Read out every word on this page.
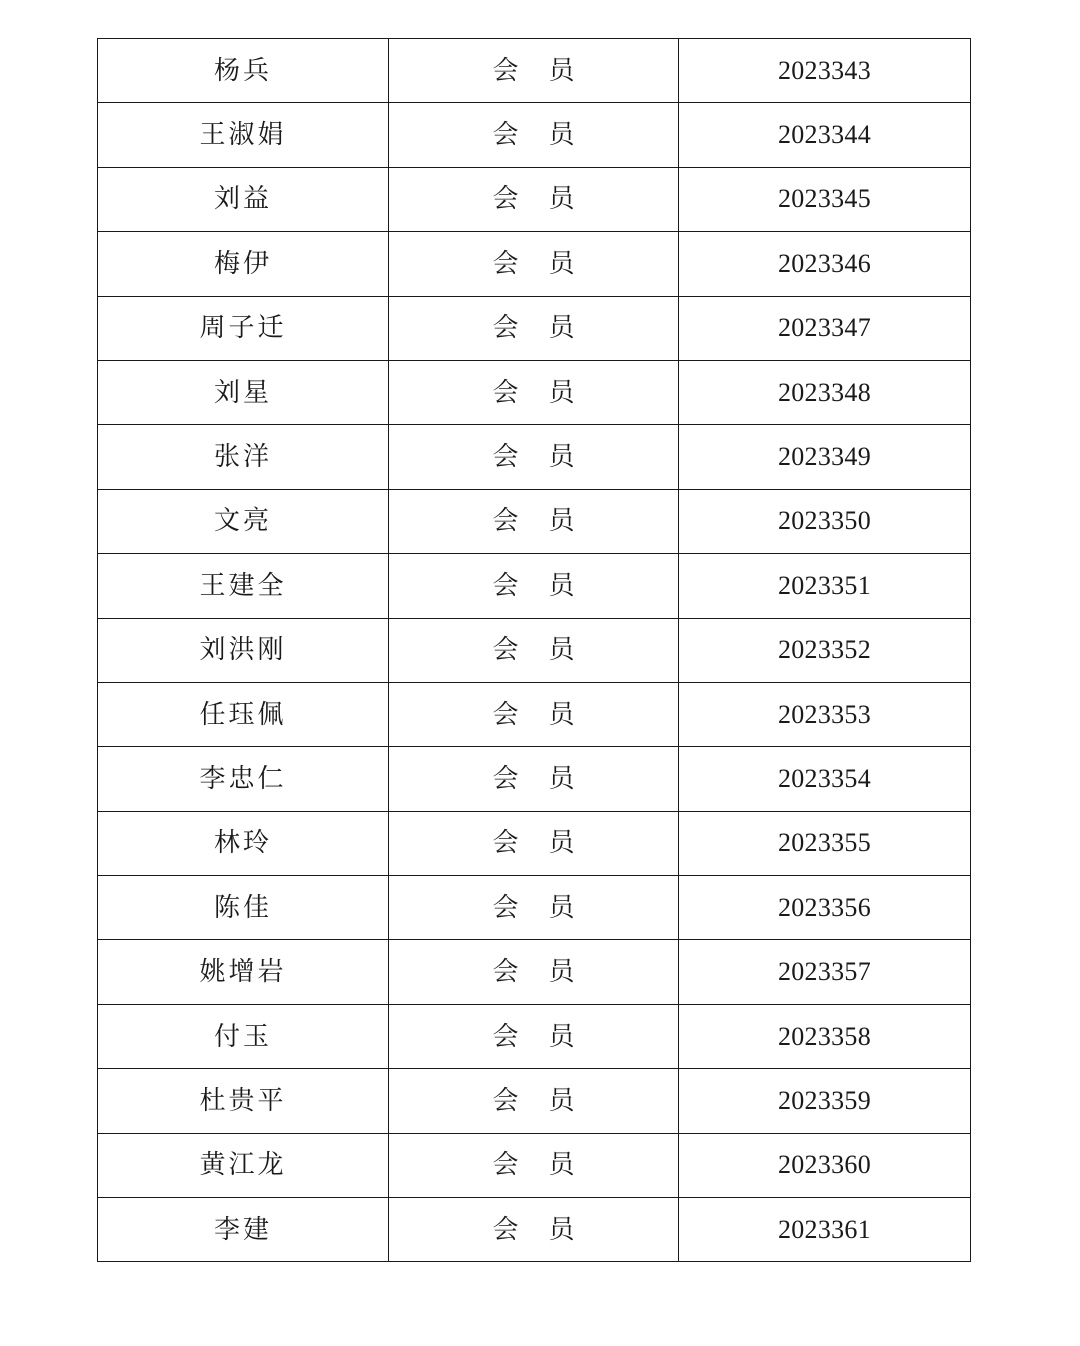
杨兵	会员	2023343
王淑娟	会员	2023344
刘益	会员	2023345
梅伊	会员	2023346
周子迁	会员	2023347
刘星	会员	2023348
张洋	会员	2023349
文亮	会员	2023350
王建全	会员	2023351
刘洪刚	会员	2023352
任珏佩	会员	2023353
李忠仁	会员	2023354
林玲	会员	2023355
陈佳	会员	2023356
姚增岩	会员	2023357
付玉	会员	2023358
杜贵平	会员	2023359
黄江龙	会员	2023360
李建	会员	2023361
